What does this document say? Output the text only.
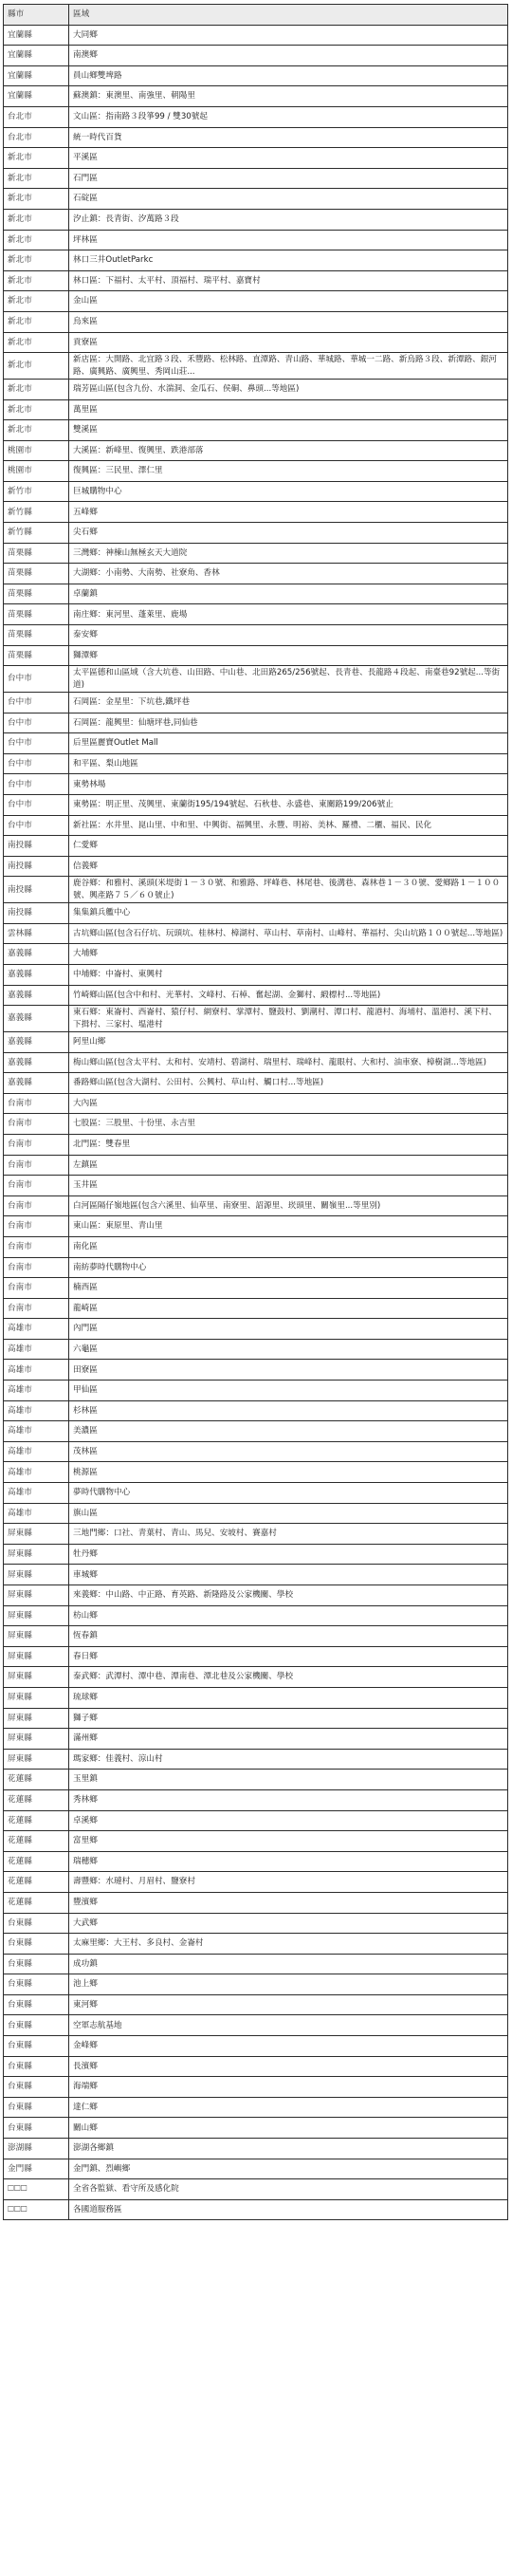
縣市	區域
宜蘭縣	大同鄉
宜蘭縣	南澳鄉
宜蘭縣	員山鄉雙埤路
宜蘭縣	蘇澳鎮：東澳里、南強里、朝陽里
台北市	文山區：指南路３段箏99 / 雙30號起
台北市	統一時代百貨
新北市	平溪區
新北市	石門區
新北市	石碇區
新北市	汐止鎮：長青街、汐萬路３段
新北市	坪林區
新北市	林口三井OutletParkc
新北市	林口區：下福村、太平村、頂福村、瑞平村、嘉寶村
新北市	金山區
新北市	烏來區
新北市	貢寮區
新北市	新店區：大開路、北宜路３段、禾豐路、松林路、直潭路、青山路、華城路、華城一二路、新烏路３段、新潭路、銀河路、廣興路、廣興里、秀岡山莊...
新北市	瑞芳區山區(包含九份、水湍洞、金瓜石、侯硐、鼻頭...等地區)
新北市	萬里區
新北市	雙溪區
桃園市	大溪區：新峰里、復興里、跌港部落
桃園市	復興區：三民里、澤仁里
新竹市	巨城購物中心
新竹縣	五峰鄉
新竹縣	尖石鄉
苗栗縣	三灣鄉：神棟山無極玄天大道院
苗栗縣	大湖鄉：小南勢、大南勢、社寮角、香林
苗栗縣	卓蘭鎮
苗栗縣	南庄鄉：東河里、蓬萊里、鹿場
苗栗縣	泰安鄉
苗栗縣	獅潭鄉
台中市	太平區德和山區域（含大坑巷、山田路、中山巷、北田路265/256號起、長青巷、長龍路４段起、南臺巷92號起...等街道)
台中市	石岡區：金星里：下坑巷,鐵坪巷
台中市	石岡區：龍興里：仙塘坪巷,同仙巷
台中市	后里區麗寶Outlet Mall
台中市	和平區、梨山地區
台中市	東勢林場
台中市	東勢區：明正里、茂興里、東蘭街195/194號起、石秋巷、永盛巷、東關路199/206號止
台中市	新社區：水井里、崑山里、中和里、中興街、福興里、永豐、明裕、美林、羅禮、二櫃、福民、民化
南投縣	仁愛鄉
南投縣	信義鄉
南投縣	鹿谷鄉：和雅村、溪頭(米堤街１－３０號、和雅路、坪峰巷、林尾巷、後溝巷、森林巷１－３０號、愛鄉路１－１００號、興產路７５／６０號止)
南投縣	集集鎮兵艦中心
雲林縣	古坑鄉山區(包含石仔坑、玩頭坑、桂林村、樟湖村、草山村、草南村、山峰村、華福村、尖山坑路１００號起...等地區)
嘉義縣	大埔鄉
嘉義縣	中埔鄉：中崙村、東興村
嘉義縣	竹崎鄉山區(包含中和村、光華村、文峰村、石棹、奮起湖、金獅村、緞標村...等地區)
嘉義縣	東石鄉：東崙村、西崙村、猿仔村、網寮村、掌潭村、鹽鼓村、劉潮村、潭口村、龍港村、海埔村、溫港村、溪下村、下揖村、三家村、塭港村
嘉義縣	阿里山鄉
嘉義縣	梅山鄉山區(包含太平村、太和村、安靖村、碧湖村、瑞里村、瑞峰村、龍眼村、大和村、油車寮、樟樹湖...等地區)
嘉義縣	番路鄉山區(包含大湖村、公田村、公興村、草山村、觸口村...等地區)
台南市	大內區
台南市	七股區：三股里、十份里、永吉里
台南市	北門區：雙春里
台南市	左鎮區
台南市	玉井區
台南市	白河區隔仔嶺地區(包含六溪里、仙草里、南寮里、詔源里、崁頭里、關嶺里...等里別)
台南市	東山區：東原里、青山里
台南市	南化區
台南市	南紡夢時代購物中心
台南市	楠西區
台南市	龍崎區
高雄市	內門區
高雄市	六龜區
高雄市	田寮區
高雄市	甲仙區
高雄市	杉林區
高雄市	美濃區
高雄市	茂林區
高雄市	桃源區
高雄市	夢時代購物中心
高雄市	旗山區
屏東縣	三地門鄉：口社、青葉村、青山、馬兒、安坡村、賽嘉村
屏東縣	牡丹鄉
屏東縣	車城鄉
屏東縣	來義鄉：中山路、中正路、育英路、新隆路及公家機關、學校
屏東縣	枋山鄉
屏東縣	恆春鎮
屏東縣	春日鄉
屏東縣	泰武鄉：武潭村、潭中巷、潭南巷、潭北巷及公家機關、學校
屏東縣	琉球鄉
屏東縣	獅子鄉
屏東縣	滿州鄉
屏東縣	瑪家鄉：佳義村、涼山村
花蓮縣	玉里鎮
花蓮縣	秀林鄉
花蓮縣	卓溪鄉
花蓮縣	富里鄉
花蓮縣	瑞穗鄉
花蓮縣	壽豐鄉：水璉村、月眉村、鹽寮村
花蓮縣	豐濱鄉
台東縣	大武鄉
台東縣	太麻里鄉：大王村、多良村、金崙村
台東縣	成功鎮
台東縣	池上鄉
台東縣	東河鄉
台東縣	空軍志航基地
台東縣	金峰鄉
台東縣	長濱鄉
台東縣	海端鄉
台東縣	達仁鄉
台東縣	關山鄉
澎湖縣	澎湖各鄉鎮
金門縣	金門鎮、烈嶼鄉
🞎🞎🞎	全省各監獄、看守所及感化院
🞎🞎🞎	各國道服務區
